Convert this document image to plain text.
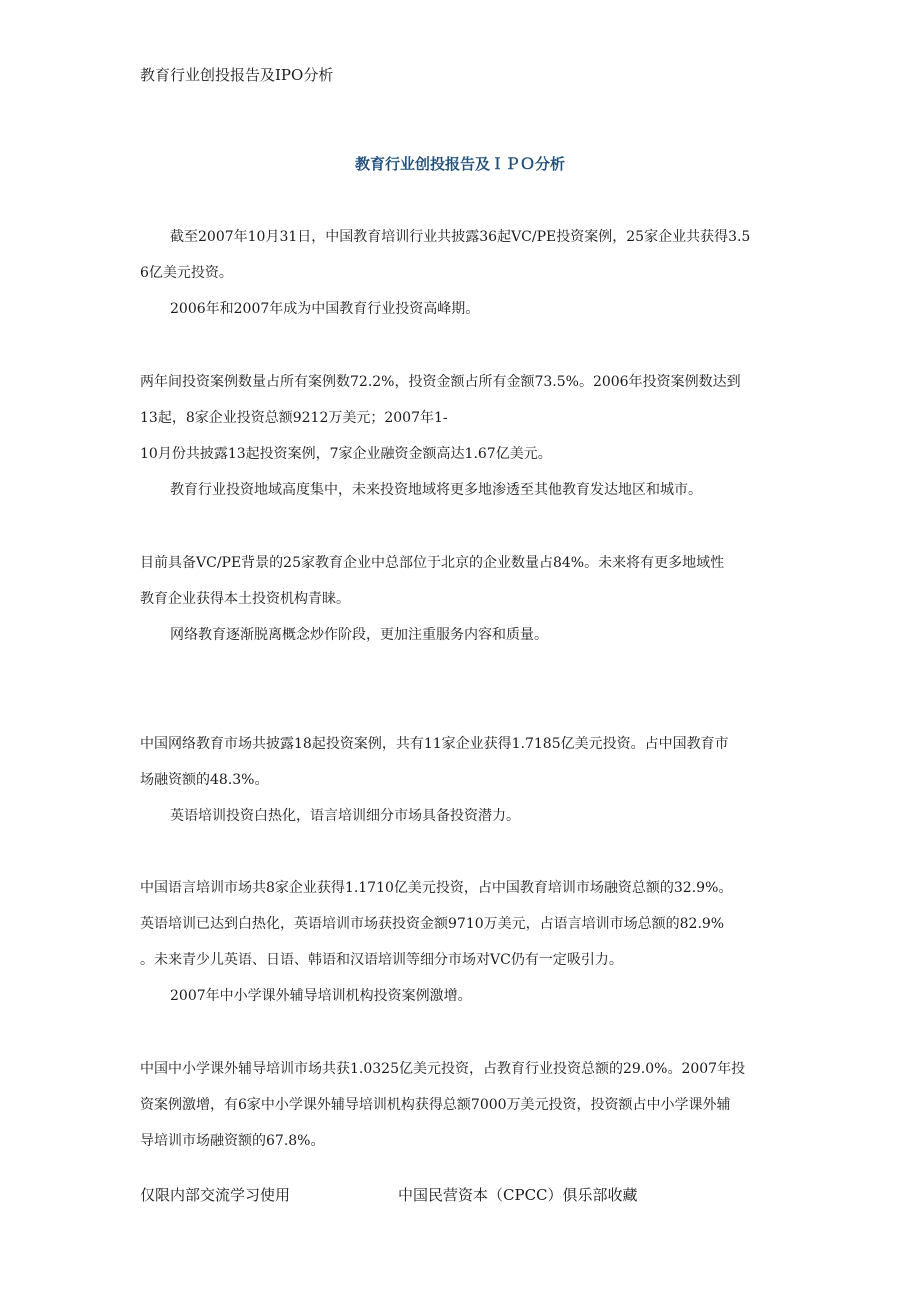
教育行业创投报告及IPO分析
教育行业创投报告及ＩＰＯ分析
截至2007年10月31日，中国教育培训行业共披露36起VC/PE投资案例，25家企业共获得3.5
6亿美元投资。
2006年和2007年成为中国教育行业投资高峰期。
两年间投资案例数量占所有案例数72.2%，投资金额占所有金额73.5%。2006年投资案例数达到
13起，8家企业投资总额9212万美元；2007年1-
10月份共披露13起投资案例，7家企业融资金额高达1.67亿美元。
教育行业投资地域高度集中，未来投资地域将更多地渗透至其他教育发达地区和城市。
目前具备VC/PE背景的25家教育企业中总部位于北京的企业数量占84%。未来将有更多地域性
教育企业获得本土投资机构青睐。
网络教育逐渐脱离概念炒作阶段，更加注重服务内容和质量。
中国网络教育市场共披露18起投资案例，共有11家企业获得1.7185亿美元投资。占中国教育市
场融资额的48.3%。
英语培训投资白热化，语言培训细分市场具备投资潜力。
中国语言培训市场共8家企业获得1.1710亿美元投资，占中国教育培训市场融资总额的32.9%。
英语培训已达到白热化，英语培训市场获投资金额9710万美元，占语言培训市场总额的82.9%
。未来青少儿英语、日语、韩语和汉语培训等细分市场对VC仍有一定吸引力。
2007年中小学课外辅导培训机构投资案例激增。
中国中小学课外辅导培训市场共获1.0325亿美元投资，占教育行业投资总额的29.0%。2007年投
资案例激增，有6家中小学课外辅导培训机构获得总额7000万美元投资，投资额占中小学课外辅
导培训市场融资额的67.8%。
仅限内部交流学习使用	中国民营资本（CPCC）俱乐部收藏
